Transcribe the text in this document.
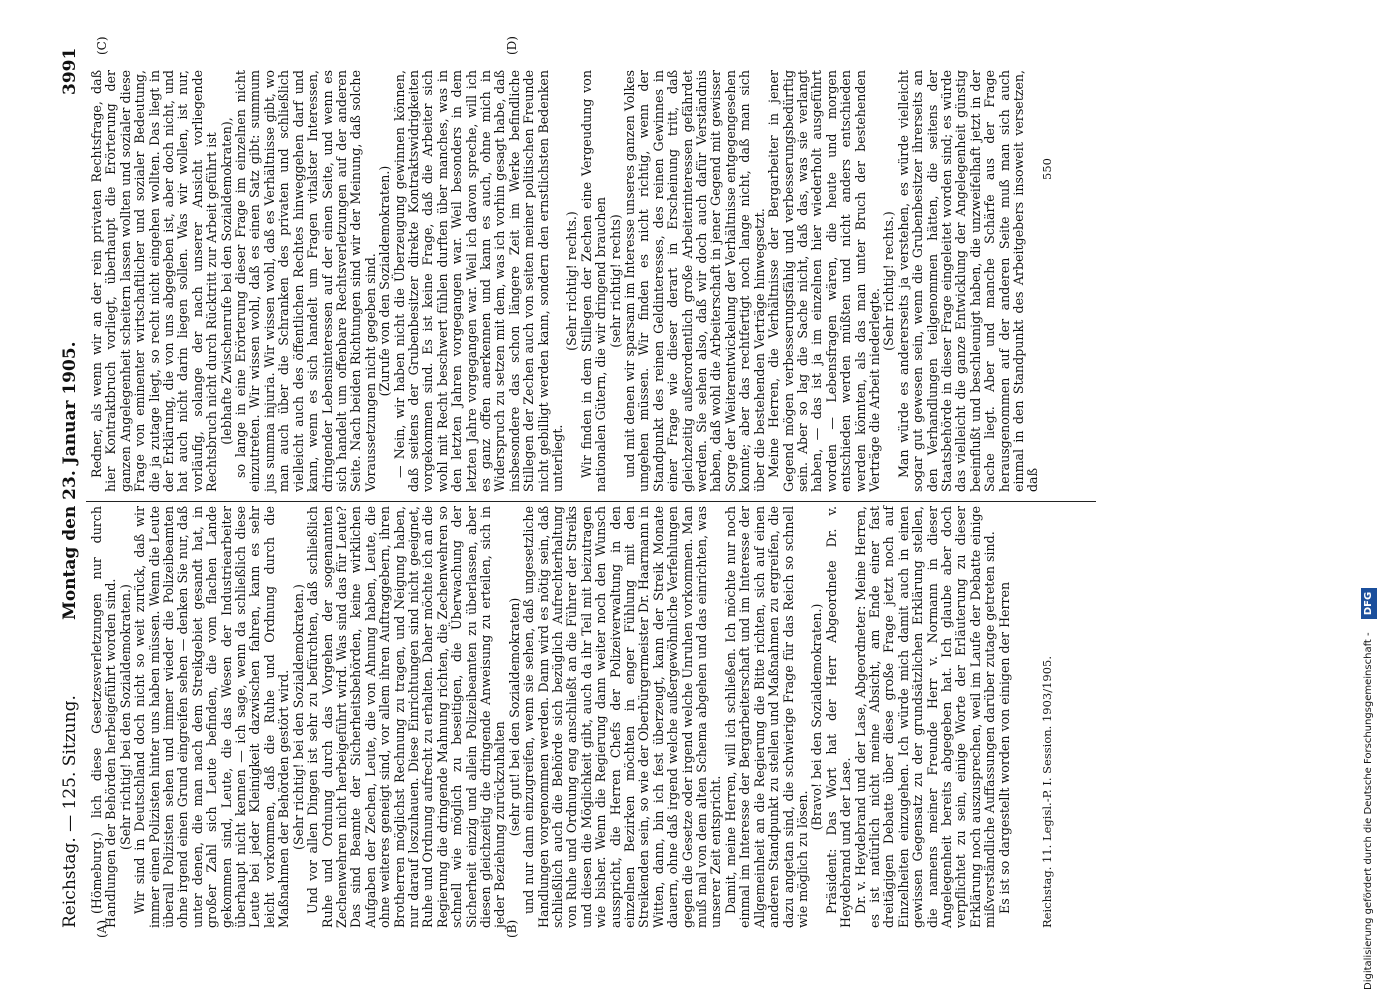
Reichstag. — 125. Sitzung.
Montag den 23. Januar 1905.
3991
(A)	(B)
(C)	(D)

(Hömeburg.) lich diese Gesetzesverletzungen nur durch Handlungen der Behörden herbeigeführt worden sind. (Sehr richtig! bei den Sozialdemokraten.) Wir sind in Deutschland doch nicht so weit zurück, daß wir immer einen Polizisten hinter uns haben müssen. Wenn die Leute überall Polizisten sehen und immer wieder die Polizeibeamten ohne irgend einen Grund eingreifen sehen — denken Sie nur, daß unter denen, die man nach dem Streikgebiet gesandt hat, in großer Zahl sich Leute befinden, die vom flachen Lande gekommen sind, Leute, die das Wesen der Industriearbeiter überhaupt nicht kennen — ich sage, wenn da schließlich diese Leute bei jeder Kleinigkeit dazwischen fahren, kann es sehr leicht vorkommen, daß die Ruhe und Ordnung durch die Maßnahmen der Behörden gestört wird. (Sehr richtig! bei den Sozialdemokraten.) Und vor allen Dingen ist sehr zu befürchten, daß schließlich Ruhe und Ordnung durch das Vorgehen der sogenannten Zechenwehren nicht herbeigeführt wird. Was sind das für Leute? Das sind Beamte der Sicherheitsbehörden, keine wirklichen Aufgaben der Zechen, Leute, die von Ahnung haben, Leute, die ohne weiteres geneigt sind, vor allem ihren Auftraggebern, ihren Brotherren möglichst Rechnung zu tragen, und Neigung haben, nur darauf loszuhauen. Diese Einrichtungen sind nicht geeignet, Ruhe und Ordnung aufrecht zu erhalten. Daher möchte ich an die Regierung die dringende Mahnung richten, die Zechenwehren so schnell wie möglich zu beseitigen, die Überwachung der Sicherheit einzig und allein Polizeibeamten zu überlassen, aber diesen gleichzeitig die dringende Anweisung zu erteilen, sich in jeder Beziehung zurückzuhalten (sehr gut! bei den Sozialdemokraten) und nur dann einzugreifen, wenn sie sehen, daß ungesetzliche Handlungen vorgenommen werden. Dann wird es nötig sein, daß schließlich auch die Behörde sich bezüglich Aufrechterhaltung von Ruhe und Ordnung eng anschließt an die Führer der Streiks und diesen die Möglichkeit gibt, auch da ihr Teil mit beizutragen wie bisher. Wenn die Regierung dann weiter noch den Wunsch ausspricht, die Herren Chefs der Polizeiverwaltung in den einzelnen Bezirken möchten in enger Fühlung mit den Streikenden sein, so wie der Oberbürgermeister Dr. Haarmann in Witten, dann, bin ich fest überzeugt, kann der Streik Monate dauern, ohne daß irgend welche außergewöhnliche Verfehlungen gegen die Gesetze oder irgend welche Unruhen vorkommen. Man muß mal von dem alten Schema abgehen und das einrichten, was unserer Zeit entspricht. Damit, meine Herren, will ich schließen. Ich möchte nur noch einmal im Interesse der Bergarbeiterschaft und im Interesse der Allgemeinheit an die Regierung die Bitte richten, sich auf einen anderen Standpunkt zu stellen und Maßnahmen zu ergreifen, die dazu angetan sind, die schwierige Frage für das Reich so schnell wie möglich zu lösen.

(Bravo! bei den Sozialdemokraten.) Präsident: Das Wort hat der Herr Abgeordnete Dr. v. Heydebrand und der Lase. Dr. v. Heydebrand und der Lase, Abgeordneter: Meine Herren, es ist natürlich nicht meine Absicht, am Ende einer fast dreitägigen Debatte über diese große Frage jetzt noch auf Einzelheiten einzugehen. Ich würde mich damit auch in einen gewissen Gegensatz zu der grundsätzlichen Erklärung stellen, die namens meiner Freunde Herr v. Normann in dieser Angelegenheit bereits abgegeben hat. Ich glaube aber doch verpflichtet zu sein, einige Worte der Erläuterung zu dieser Erklärung noch auszusprechen, weil im Laufe der Debatte einige mißverständliche Auffassungen darüber zutage getreten sind. Es ist so dargestellt worden von einigen der Herren

Redner, als wenn wir an der rein privaten Rechtsfrage, daß hier Kontraktbruch vorliegt, überhaupt die Erörterung der ganzen Angelegenheit scheitern lassen wollten und sozialer diese Frage von eminenter wirtschaftlicher und sozialer Bedeutung, die ja zutage liegt, so recht nicht eingehen wollten. Das liegt in der Erklärung, die von uns abgegeben ist, aber doch nicht, und hat auch nicht darin liegen sollen. Was wir wollen, ist nur, vorläufig, solange der nach unserer Ansicht vorliegende Rechtsbruch nicht durch Rücktritt zur Arbeit geführt ist (lebhafte Zwischenrufe bei den Sozialdemokraten), so lange in eine Erörterung dieser Frage im einzelnen nicht einzutreten. Wir wissen wohl, daß es einen Satz gibt: summum jus summa injuria. Wir wissen wohl, daß es Verhältnisse gibt, wo man auch über die Schranken des privaten und schließlich vielleicht auch des öffentlichen Rechtes hinweggehen darf und kann, wenn es sich handelt um Fragen vitalster Interessen, dringender Lebensinteressen auf der einen Seite, und wenn es sich handelt um offenbare Rechtsverletzungen auf der anderen Seite. Nach beiden Richtungen sind wir der Meinung, daß solche Voraussetzungen nicht gegeben sind. (Zurufe von den Sozialdemokraten.) — Nein, wir haben nicht die Überzeugung gewinnen können, daß seitens der Grubenbesitzer direkte Kontraktswidrigkeiten vorgekommen sind. Es ist keine Frage, daß die Arbeiter sich wohl mit Recht beschwert fühlen durften über manches, was in den letzten Jahren vorgegangen war. Weil besonders in dem letzten Jahre vorgegangen war. Weil ich davon spreche, will ich es ganz offen anerkennen und kann es auch, ohne mich in Widerspruch zu setzen mit dem, was ich vorhin gesagt habe, daß insbesondere das schon längere Zeit im Werke befindliche Stillegen der Zechen auch von seiten meiner politischen Freunde nicht gebilligt werden kann, sondern den ernstlichsten Bedenken unterliegt.

(Sehr richtig! rechts.) Wir finden in dem Stillegen der Zechen eine Vergeudung von nationalen Gütern, die wir dringend brauchen (sehr richtig! rechts) und mit denen wir sparsam im Interesse unseres ganzen Volkes umgehen müssen. Wir finden es nicht richtig, wenn der Standpunkt des reinen Geldinteresses, des reinen Gewinnes in einer Frage wie dieser derart in Erscheinung tritt, daß gleichzeitig außerordentlich große Arbeiterinteressen gefährdet werden. Sie sehen also, daß wir doch auch dafür Verständnis haben, daß wohl die Arbeiterschaft in jener Gegend mit gewisser Sorge der Weiterentwickelung der Verhältnisse entgegengesehen konnte; aber das rechtfertigt noch lange nicht, daß man sich über die bestehenden Verträge hinwegsetzt. Meine Herren, die Verhältnisse der Bergarbeiter in jener Gegend mögen verbesserungsfähig und verbesserungsbedürftig sein. Aber so lag die Sache nicht, daß das, was sie verlangt haben, — das ist ja im einzelnen hier wiederholt ausgeführt worden — Lebensfragen wären, die heute und morgen entschieden werden müßten und nicht anders entschieden werden könnten, als das man unter Bruch der bestehenden Verträge die Arbeit niederlegte.

(Sehr richtig! rechts.) Man würde es andererseits ja verstehen, es würde vielleicht sogar gut gewesen sein, wenn die Grubenbesitzer ihrerseits an den Verhandlungen teilgenommen hätten, die seitens der Staatsbehörde in dieser Frage eingeleitet worden sind; es würde das vielleicht die ganze Entwicklung der Angelegenheit günstig beeinflußt und beschleunigt haben, die unzweifelhaft jetzt in der Sache liegt. Aber und manche Schärfe aus der Frage herausgenommen auf der anderen Seite muß man sich auch einmal in den Standpunkt des Arbeitgebers insoweit versetzen, daß

Reichstag. 11. Legisl.-P. I. Session. 1903/1905.
550
Digitalisierung gefördert durch die Deutsche Forschungsgemeinschaft - DFG
